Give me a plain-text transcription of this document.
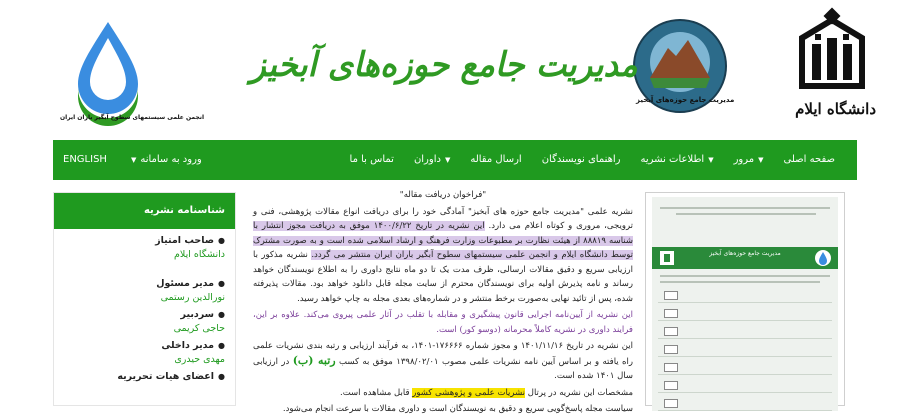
دانشگاه ایلام
مدیریت جامع حوزه‌های آبخیز
مدیریت جامع حوزه‌های آبخیز
انجمن علمی سیستمهای سطوح آبگیر باران ایران
صفحه اصلی
مرور ▼
اطلاعات نشریه ▼
راهنمای نویسندگان
ارسال مقاله
داوران ▼
تماس با ما
ENGLISH	▼ ورود به سامانه
شناسنامه نشریه
صاحب امتیاز ●
دانشگاه ایلام
مدیر مسئول ●
نورالدین رستمی
سردبیر ●
حاجی کریمی
مدیر داخلی ●
مهدی حیدری
اعضای هیات تحریریه ●

"فراخوان دریافت مقاله"

نشریه علمی "مدیریت جامع حوزه های آبخیز" آمادگی خود را برای دریافت انواع مقالات پژوهشی، فنی و ترویجی، مروری و کوتاه اعلام می دارد. این نشریه در تاریخ ۱۴۰۰/۶/۲۲ موفق به دریافت مجوز انتشار با شناسه ۸۸۸۱۹ از هیئت نظارت بر مطبوعات وزارت فرهنگ و ارشاد اسلامی شده است و به صورت مشترک توسط دانشگاه ایلام و انجمن علمی سیستمهای سطوح آبگیر باران ایران منتشر می گردد. نشریه مذکور با ارزیابی سریع و دقیق مقالات ارسالی، ظرف مدت یک تا دو ماه نتایج داوری را به اطلاع نویسندگان خواهد رساند و نامه پذیرش اولیه برای نویسندگان محترم از سایت مجله قابل دانلود خواهد بود. مقالات پذیرفته شده، پس از تائید نهایی به‌صورت برخط منتشر و در شماره‌های بعدی مجله به چاپ خواهد رسید.

این نشریه از آیین‌نامه اجرایی قانون پیشگیری و مقابله با تقلب در آثار علمی پیروی می‌کند. علاوه بر این، فرایند داوری در نشریه کاملاً محرمانه (دوسو کور) است.

این نشریه در تاریخ ۱۴۰۱/۱۱/۱۶ و مجوز شماره ۱۷۶۶۶۶-۱۴۰۱، به فرآیند ارزیابی و رتبه بندی نشریات علمی راه یافته و بر اساس آیین نامه نشریات علمی مصوب ۱۳۹۸/۰۲/۰۱ موفق به کسب رتبه (ب) در ارزیابی سال ۱۴۰۱ شده است.

مشخصات این نشریه در پرتال نشریات علمی و پژوهشی کشور قابل مشاهده است.

سیاست مجله پاسخ‌گویی سریع و دقیق به نویسندگان است و داوری مقالات با سرعت انجام می‌شود.

مدیریت جامع حوزه‌های آبخیز
